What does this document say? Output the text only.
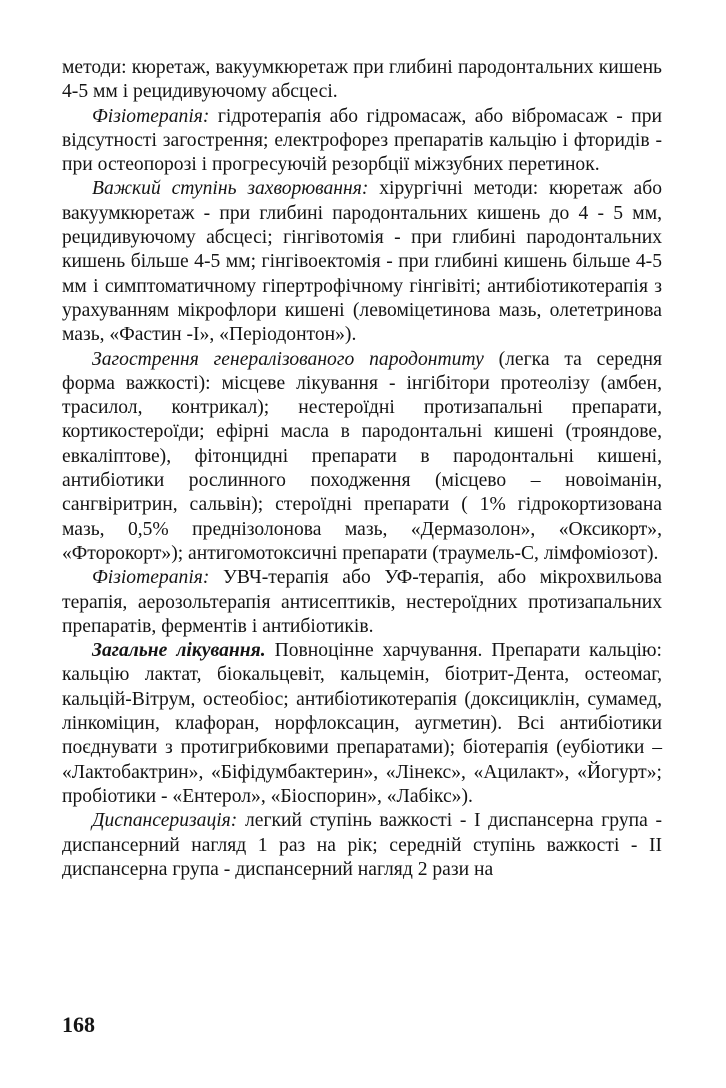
методи: кюретаж, вакуумкюретаж при глибині пародонтальних кишень 4-5 мм і рецидивуючому абсцесі.

Фізіотерапія: гідротерапія або гідромасаж, або вібромасаж - при відсутності загострення; електрофорез препаратів кальцію і фторидів - при остеопорозі і прогресуючій резорбції міжзубних перетинок.

Важкий ступінь захворювання: хірургічні методи: кюретаж або вакуумкюретаж - при глибині пародонтальних кишень до 4 - 5 мм, рецидивуючому абсцесі; гінгівотомія - при глибині пародонтальних кишень більше 4-5 мм; гінгівоектомія - при глибині кишень більше 4-5 мм і симптоматичному гіпертрофічному гінгівіті; антибіотикотерапія з урахуванням мікрофлори кишені (левоміцетинова мазь, олететринова мазь, «Фастин -І», «Періодонтон»).

Загострення генералізованого пародонтиту (легка та середня форма важкості): місцеве лікування - інгібітори протеолізу (амбен, трасилол, контрикал); нестероїдні протизапальні препарати, кортикостероїди; ефірні масла в пародонтальні кишені (трояндове, евкаліптове), фітонцидні препарати в пародонтальні кишені, антибіотики рослинного походження (місцево – новоіманін, сангвіритрин, сальвін); стероїдні препарати ( 1% гідрокортизована мазь, 0,5% преднізолонова мазь, «Дермазолон», «Оксикорт», «Фторокорт»); антигомотоксичні препарати (траумель-С, лімфоміозот).

Фізіотерапія: УВЧ-терапія або УФ-терапія, або мікрохвильова терапія, аерозольтерапія антисептиків, нестероїдних протизапальних препаратів, ферментів і антибіотиків.

Загальне лікування. Повноцінне харчування. Препарати кальцію: кальцію лактат, біокальцевіт, кальцемін, біотрит-Дента, остеомаг, кальцій-Вітрум, остеобіос; антибіотикотерапія (доксициклін, сумамед, лінкоміцин, клафоран, норфлоксацин, аугметин). Всі антибіотики поєднувати з протигрибковими препаратами); біотерапія (еубіотики – «Лактобактрин», «Біфідумбактерин», «Лінекс», «Ацилакт», «Йогурт»; пробіотики - «Ентерол», «Біоспорин», «Лабікс»).

Диспансеризація: легкий ступінь важкості - І диспансерна група - диспансерний нагляд 1 раз на рік; середній ступінь важкості - ІІ диспансерна група - диспансерний нагляд 2 рази на

168
